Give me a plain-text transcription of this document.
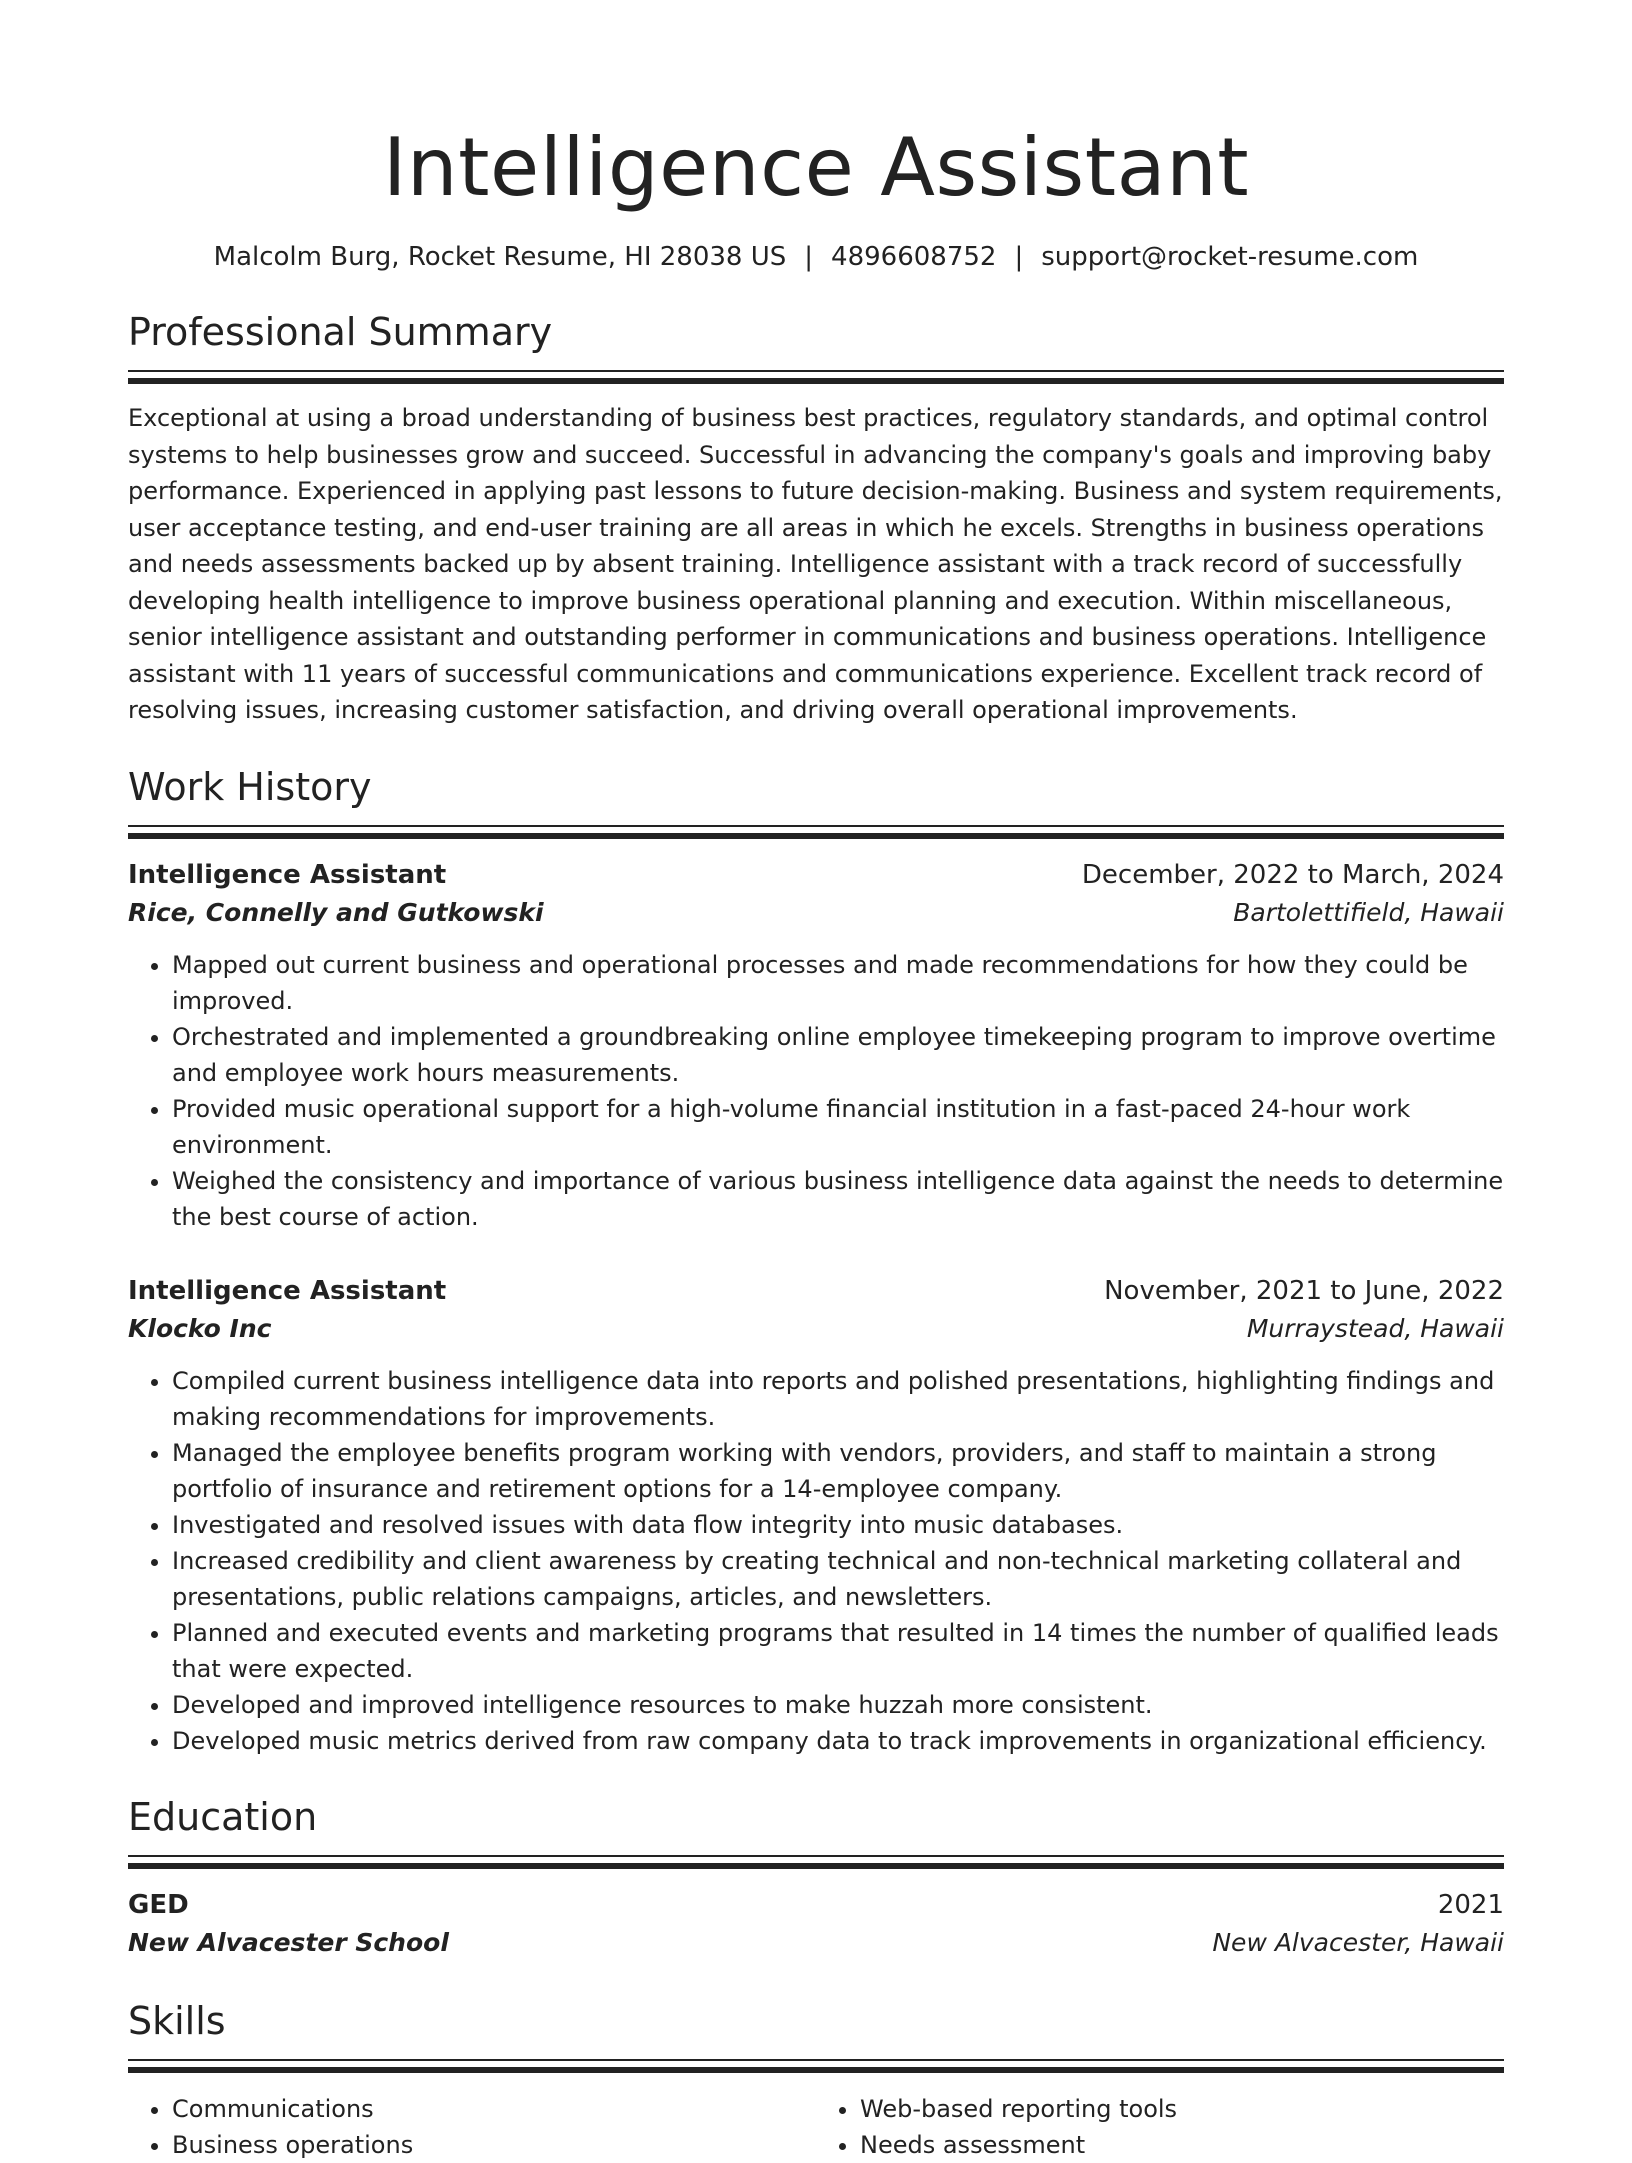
Intelligence Assistant
Malcolm Burg, Rocket Resume, HI 28038 US | 4896608752 | support@rocket-resume.com
Professional Summary
Exceptional at using a broad understanding of business best practices, regulatory standards, and optimal control systems to help businesses grow and succeed. Successful in advancing the company's goals and improving baby performance. Experienced in applying past lessons to future decision-making. Business and system requirements, user acceptance testing, and end-user training are all areas in which he excels. Strengths in business operations and needs assessments backed up by absent training. Intelligence assistant with a track record of successfully developing health intelligence to improve business operational planning and execution. Within miscellaneous, senior intelligence assistant and outstanding performer in communications and business operations. Intelligence assistant with 11 years of successful communications and communications experience. Excellent track record of resolving issues, increasing customer satisfaction, and driving overall operational improvements.
Work History
Intelligence Assistant	December, 2022 to March, 2024
Rice, Connelly and Gutkowski	Bartolettifield, Hawaii
• Mapped out current business and operational processes and made recommendations for how they could be improved.
• Orchestrated and implemented a groundbreaking online employee timekeeping program to improve overtime and employee work hours measurements.
• Provided music operational support for a high-volume financial institution in a fast-paced 24-hour work environment.
• Weighed the consistency and importance of various business intelligence data against the needs to determine the best course of action.
Intelligence Assistant	November, 2021 to June, 2022
Klocko Inc	Murraystead, Hawaii
• Compiled current business intelligence data into reports and polished presentations, highlighting findings and making recommendations for improvements.
• Managed the employee benefits program working with vendors, providers, and staff to maintain a strong portfolio of insurance and retirement options for a 14-employee company.
• Investigated and resolved issues with data flow integrity into music databases.
• Increased credibility and client awareness by creating technical and non-technical marketing collateral and presentations, public relations campaigns, articles, and newsletters.
• Planned and executed events and marketing programs that resulted in 14 times the number of qualified leads that were expected.
• Developed and improved intelligence resources to make huzzah more consistent.
• Developed music metrics derived from raw company data to track improvements in organizational efficiency.
Education
GED	2021
New Alvacester School	New Alvacester, Hawaii
Skills
• Communications
• Business operations
• Web-based reporting tools
• Needs assessment
